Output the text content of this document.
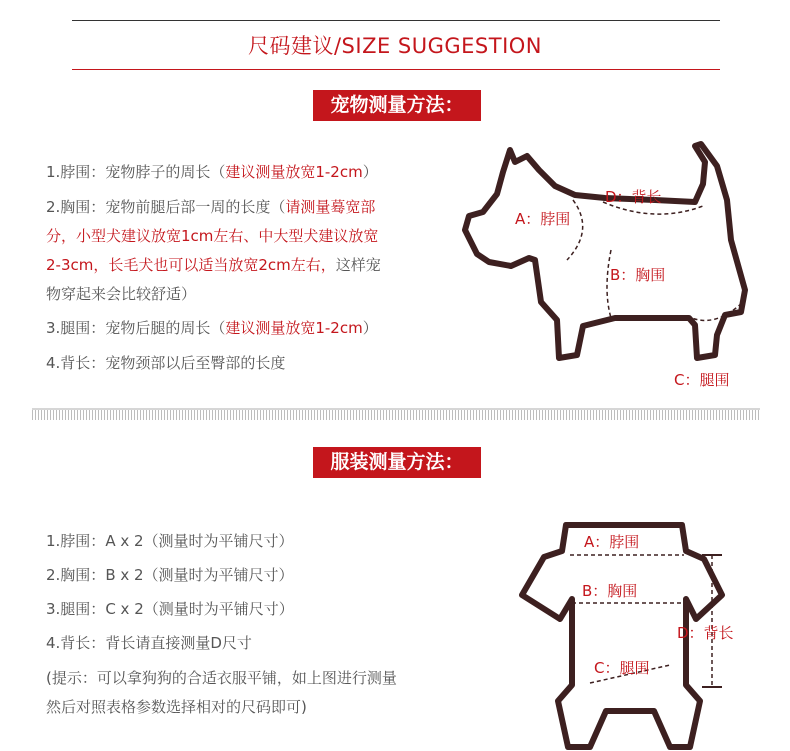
尺码建议/SIZE SUGGESTION
宠物测量方法：
1.脖围：宠物脖子的周长（建议测量放宽1-2cm）
2.胸围：宠物前腿后部一周的长度（请测量蓦宽部
分，小型犬建议放宽1cm左右、中大型犬建议放宽
2-3cm，长毛犬也可以适当放宽2cm左右，这样宠
物穿起来会比较舒适）
3.腿围：宠物后腿的周长（建议测量放宽1-2cm）
4.背长：宠物颈部以后至臀部的长度
A：脖围
D：背长
B：胸围
C：腿围
服装测量方法：
1.脖围：A x 2（测量时为平铺尺寸）
2.胸围：B x 2（测量时为平铺尺寸）
3.腿围：C x 2（测量时为平铺尺寸）
4.背长：背长请直接测量D尺寸
(提示：可以拿狗狗的合适衣服平铺，如上图进行测量
然后对照表格参数选择相对的尺码即可)
A：脖围
B：胸围
C：腿围
D：背长
